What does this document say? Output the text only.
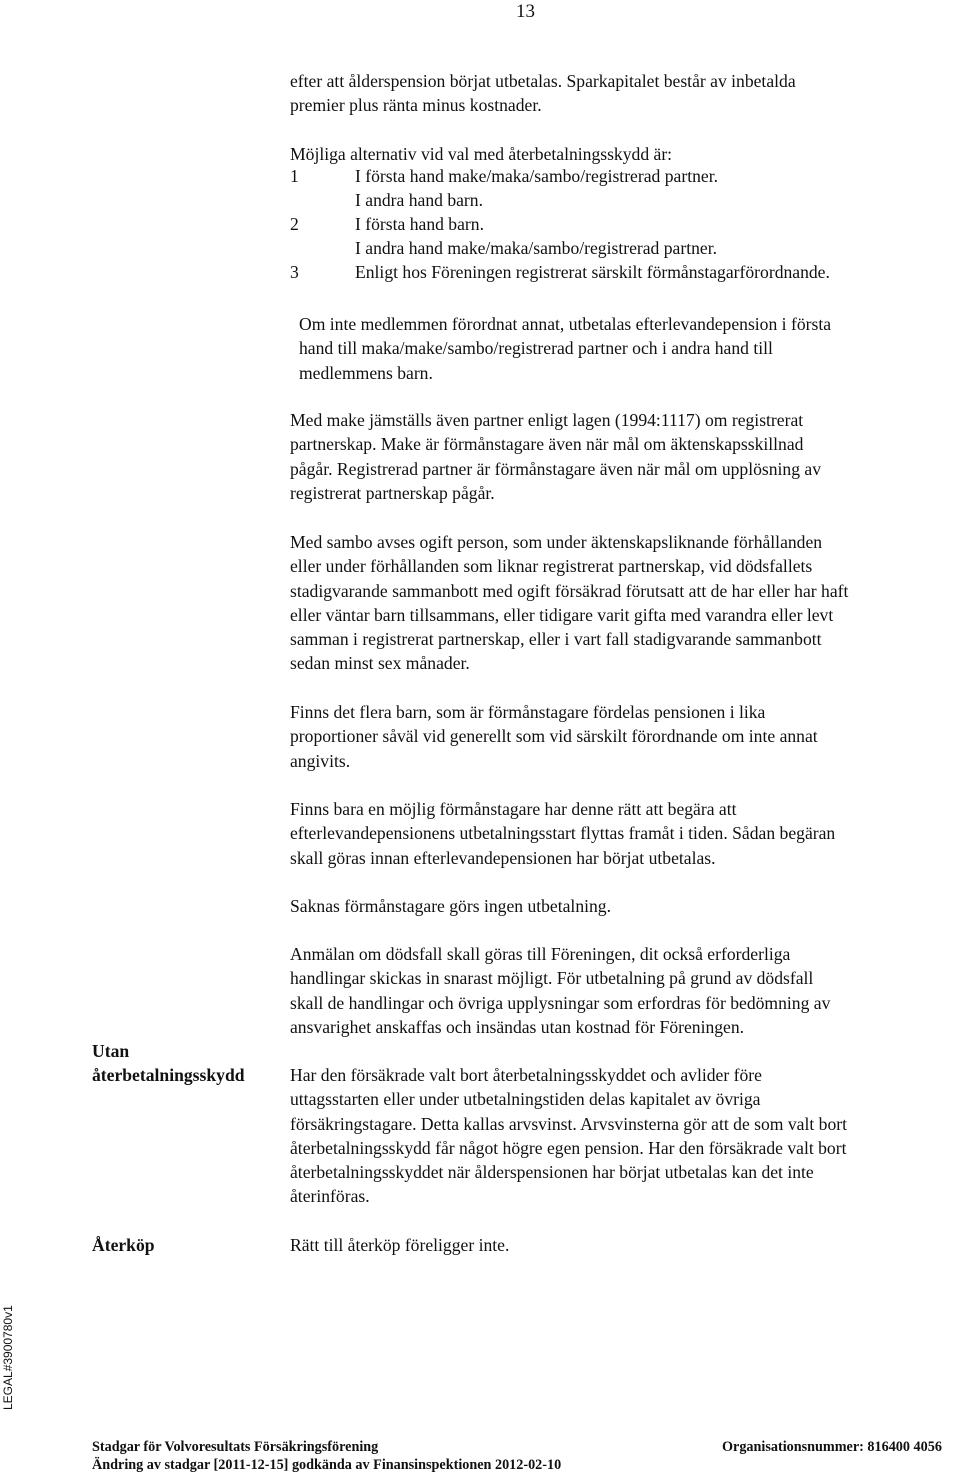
13
efter att ålderspension börjat utbetalas. Sparkapitalet består av inbetalda
premier plus ränta minus kostnader.
Möjliga alternativ vid val med återbetalningsskydd är:
1	I första hand make/maka/sambo/registrerad partner.
I andra hand barn.
2	I första hand barn.
I andra hand make/maka/sambo/registrerad partner.
3	Enligt hos Föreningen registrerat särskilt förmånstagarförordnande.
Om inte medlemmen förordnat annat, utbetalas efterlevandepension i första
hand till maka/make/sambo/registrerad partner och i andra hand till
medlemmens barn.
Med make jämställs även partner enligt lagen (1994:1117) om registrerat
partnerskap. Make är förmånstagare även när mål om äktenskapsskillnad
pågår. Registrerad partner är förmånstagare även när mål om upplösning av
registrerat partnerskap pågår.
Med sambo avses ogift person, som under äktenskapsliknande förhållanden
eller under förhållanden som liknar registrerat partnerskap, vid dödsfallets
stadigvarande sammanbott med ogift försäkrad förutsatt att de har eller har haft
eller väntar barn tillsammans, eller tidigare varit gifta med varandra eller levt
samman i registrerat partnerskap, eller i vart fall stadigvarande sammanbott
sedan minst sex månader.
Finns det flera barn, som är förmånstagare fördelas pensionen i lika
proportioner såväl vid generellt som vid särskilt förordnande om inte annat
angivits.
Finns bara en möjlig förmånstagare har denne rätt att begära att
efterlevandepensionens utbetalningsstart flyttas framåt i tiden. Sådan begäran
skall göras innan efterlevandepensionen har börjat utbetalas.
Saknas förmånstagare görs ingen utbetalning.
Anmälan om dödsfall skall göras till Föreningen, dit också erforderliga
handlingar skickas in snarast möjligt. För utbetalning på grund av dödsfall
skall de handlingar och övriga upplysningar som erfordras för bedömning av
ansvarighet anskaffas och insändas utan kostnad för Föreningen.
Utan
återbetalningsskydd	Har den försäkrade valt bort återbetalningsskyddet och avlider före
uttagsstarten eller under utbetalningstiden delas kapitalet av övriga
försäkringstagare. Detta kallas arvsvinst. Arvsvinsterna gör att de som valt bort
återbetalningsskydd får något högre egen pension. Har den försäkrade valt bort
återbetalningsskyddet när ålderspensionen har börjat utbetalas kan det inte
återinföras.
Återköp	Rätt till återköp föreligger inte.
LEGAL#3900780v1
Stadgar för Volvoresultats Försäkringsförening	Organisationsnummer: 816400 4056
Ändring av stadgar [2011-12-15] godkända av Finansinspektionen 2012-02-10
